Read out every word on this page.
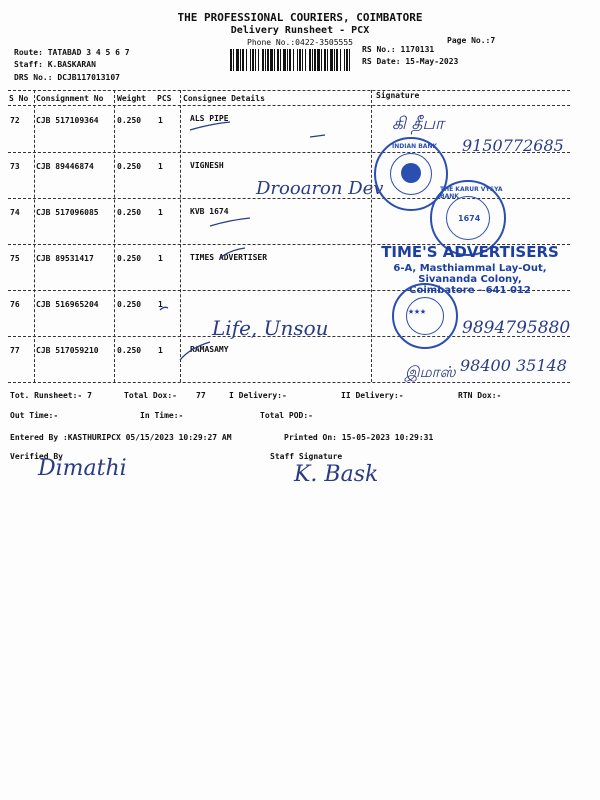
THE PROFESSIONAL COURIERS, COIMBATORE
Delivery Runsheet - PCX
Phone No.:0422-3505555	Page No.:7
Route: TATABAD 3 4 5 6 7
Staff: K.BASKARAN
DRS No.: DCJB117013107
RS No.: 1170131
RS Date: 15-May-2023
S No Consignment No Weight PCS Consignee Details	Signature
72 CJB 517109364 0.250 1	ALS PIPE
73 CJB 89446874	0.250 1	VIGNESH
74 CJB 517096085 0.250 1	KVB 1674
75 CJB 89531417	0.250 1	TIMES ADVERTISER
76 CJB 516965204 0.250 1
77 CJB 517059210 0.250 1	RAMASAMY
கி தீபா
9150772685
Drooaron Dev
Life, Unsou	9894795880
98400 35148
இமாஸ்
INDIAN BANK
THE KARUR VYSYA BANK
1674
TIME'S ADVERTISERS
6-A, Masthiammal Lay-Out,
Sivananda Colony,
Coimbatore - 641 012
★★★
Tot. Runsheet:- 7	Total Dox:- 77	I Delivery:-	II Delivery:-	RTN Dox:-
Out Time:-	In Time:-	Total POD:-
Entered By :KASTHURIPCX 05/15/2023 10:29:27 AM	Printed On: 15-05-2023 10:29:31
Verified By	Staff Signature
Dimathi	K. Bask
